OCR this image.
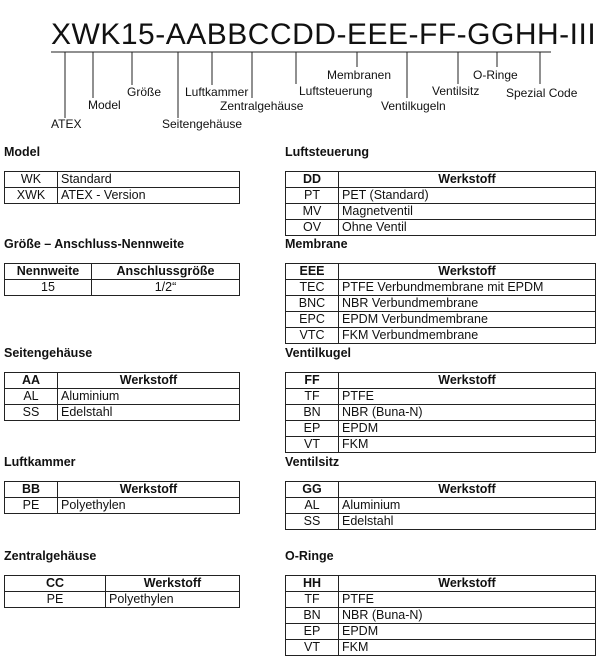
XWK15-AABBCCDD-EEE-FF-GGHH-III
ATEX
Model
Größe
Seitengehäuse
Luftkammer
Zentralgehäuse
Luftsteuerung
Membranen
Ventilkugeln
Ventilsitz
O-Ringe
Spezial Code
Model
WK	Standard
XWK	ATEX - Version
Größe – Anschluss-Nennweite
Nennweite	Anschlussgröße
15	1/2“
Seitengehäuse
AA	Werkstoff
AL	Aluminium
SS	Edelstahl
Luftkammer
BB	Werkstoff
PE	Polyethylen
Zentralgehäuse
CC	Werkstoff
PE	Polyethylen
Luftsteuerung
DD	Werkstoff
PT	PET (Standard)
MV	Magnetventil
OV	Ohne Ventil
Membrane
EEE	Werkstoff
TEC	PTFE Verbundmembrane mit EPDM
BNC	NBR Verbundmembrane
EPC	EPDM Verbundmembrane
VTC	FKM Verbundmembrane
Ventilkugel
FF	Werkstoff
TF	PTFE
BN	NBR (Buna-N)
EP	EPDM
VT	FKM
Ventilsitz
GG	Werkstoff
AL	Aluminium
SS	Edelstahl
O-Ringe
HH	Werkstoff
TF	PTFE
BN	NBR (Buna-N)
EP	EPDM
VT	FKM
